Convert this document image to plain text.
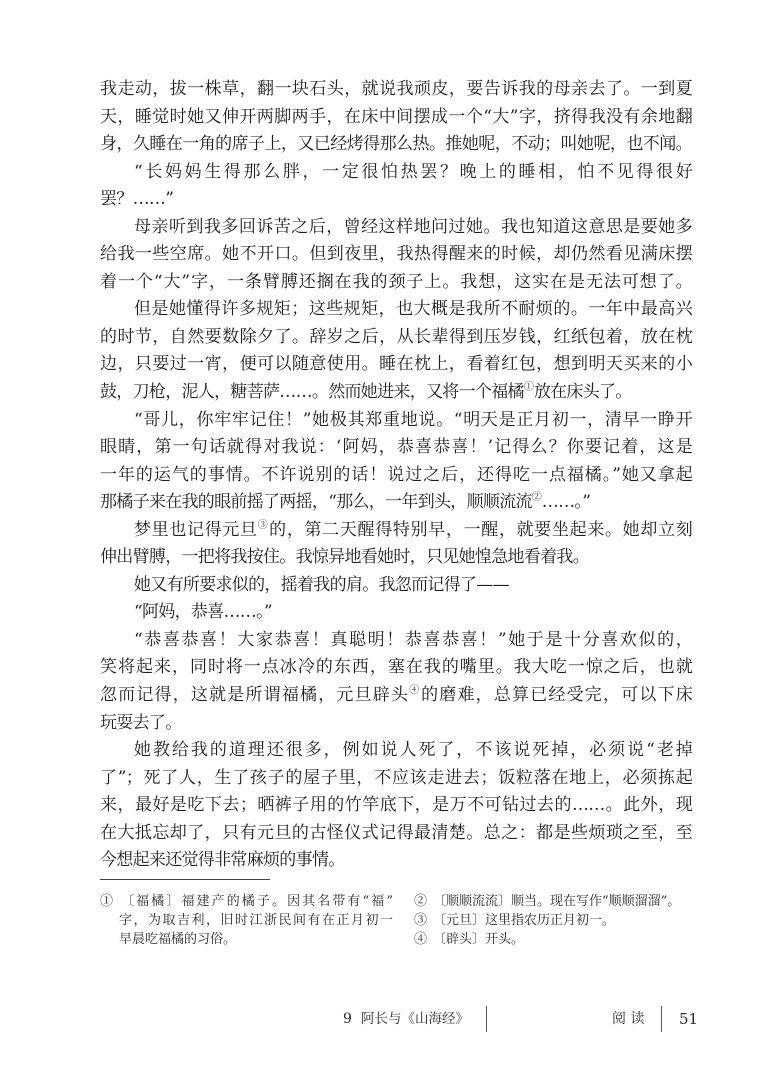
我走动，拔一株草，翻一块石头，就说我顽皮，要告诉我的母亲去了。一到夏
天，睡觉时她又伸开两脚两手，在床中间摆成一个“大”字，挤得我没有余地翻
身，久睡在一角的席子上，又已经烤得那么热。推她呢，不动；叫她呢，也不闻。
“长妈妈生得那么胖，一定很怕热罢？晚上的睡相，怕不见得很好
罢？……”
母亲听到我多回诉苦之后，曾经这样地问过她。我也知道这意思是要她多
给我一些空席。她不开口。但到夜里，我热得醒来的时候，却仍然看见满床摆
着一个“大”字，一条臂膊还搁在我的颈子上。我想，这实在是无法可想了。
但是她懂得许多规矩；这些规矩，也大概是我所不耐烦的。一年中最高兴
的时节，自然要数除夕了。辞岁之后，从长辈得到压岁钱，红纸包着，放在枕
边，只要过一宵，便可以随意使用。睡在枕上，看着红包，想到明天买来的小
鼓，刀枪，泥人，糖菩萨……。然而她进来，又将一个福橘①放在床头了。
“哥儿，你牢牢记住！”她极其郑重地说。“明天是正月初一，清早一睁开
眼睛，第一句话就得对我说：‘阿妈，恭喜恭喜！’记得么？你要记着，这是
一年的运气的事情。不许说别的话！说过之后，还得吃一点福橘。”她又拿起
那橘子来在我的眼前摇了两摇，“那么，一年到头，顺顺流流②……。”
梦里也记得元旦③的，第二天醒得特别早，一醒，就要坐起来。她却立刻
伸出臂膊，一把将我按住。我惊异地看她时，只见她惶急地看着我。
她又有所要求似的，摇着我的肩。我忽而记得了——
“阿妈，恭喜……。”
“恭喜恭喜！大家恭喜！真聪明！恭喜恭喜！”她于是十分喜欢似的，
笑将起来，同时将一点冰冷的东西，塞在我的嘴里。我大吃一惊之后，也就
忽而记得，这就是所谓福橘，元旦辟头④的磨难，总算已经受完，可以下床
玩耍去了。
她教给我的道理还很多，例如说人死了，不该说死掉，必须说“老掉
了”；死了人，生了孩子的屋子里，不应该走进去；饭粒落在地上，必须拣起
来，最好是吃下去；晒裤子用的竹竿底下，是万不可钻过去的……。此外，现
在大抵忘却了，只有元旦的古怪仪式记得最清楚。总之：都是些烦琐之至，至
今想起来还觉得非常麻烦的事情。
① 〔福橘〕福建产的橘子。因其名带有“福”
字，为取吉利，旧时江浙民间有在正月初一
早晨吃福橘的习俗。
② 〔顺顺流流〕顺当。现在写作“顺顺溜溜”。
③ 〔元旦〕这里指农历正月初一。
④ 〔辟头〕开头。
9 阿长与《山海经》	阅 读 51
